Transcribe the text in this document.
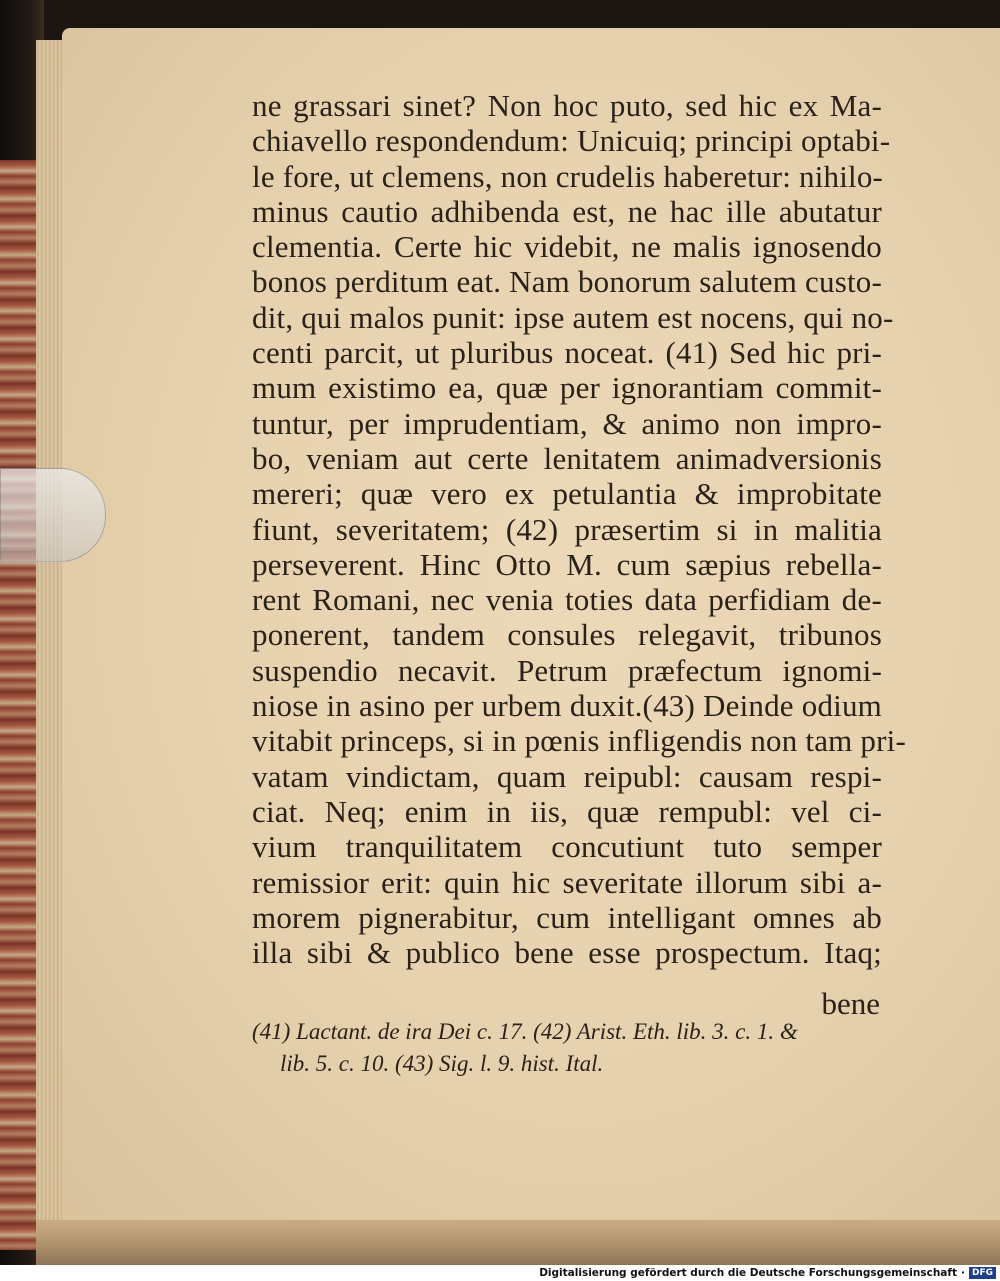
ne grassari sinet? Non hoc puto, sed hic ex Ma-
chiavello respondendum: Unicuiq; principi optabi-
le fore, ut clemens, non crudelis haberetur: nihilo-
minus cautio adhibenda est, ne hac ille abutatur
clementia. Certe hic videbit, ne malis ignosendo
bonos perditum eat. Nam bonorum salutem custo-
dit, qui malos punit: ipse autem est nocens, qui no-
centi parcit, ut pluribus noceat. (41) Sed hic pri-
mum existimo ea, quæ per ignorantiam commit-
tuntur, per imprudentiam, & animo non impro-
bo, veniam aut certe lenitatem animadversionis
mereri; quæ vero ex petulantia & improbitate
fiunt, severitatem; (42) præsertim si in malitia
perseverent. Hinc Otto M. cum sæpius rebella-
rent Romani, nec venia toties data perfidiam de-
ponerent, tandem consules relegavit, tribunos
suspendio necavit. Petrum præfectum ignomi-
niose in asino per urbem duxit.(43) Deinde odium
vitabit princeps, si in pœnis infligendis non tam pri-
vatam vindictam, quam reipubl: causam respi-
ciat. Neq; enim in iis, quæ rempubl: vel ci-
vium tranquilitatem concutiunt tuto semper
remissior erit: quin hic severitate illorum sibi a-
morem pignerabitur, cum intelligant omnes ab
illa sibi & publico bene esse prospectum. Itaq;
bene
(41) Lactant. de ira Dei c. 17. (42) Arist. Eth. lib. 3. c. 1. &
lib. 5. c. 10. (43) Sig. l. 9. hist. Ital.
Digitalisierung gefördert durch die Deutsche Forschungsgemeinschaft · DFG
